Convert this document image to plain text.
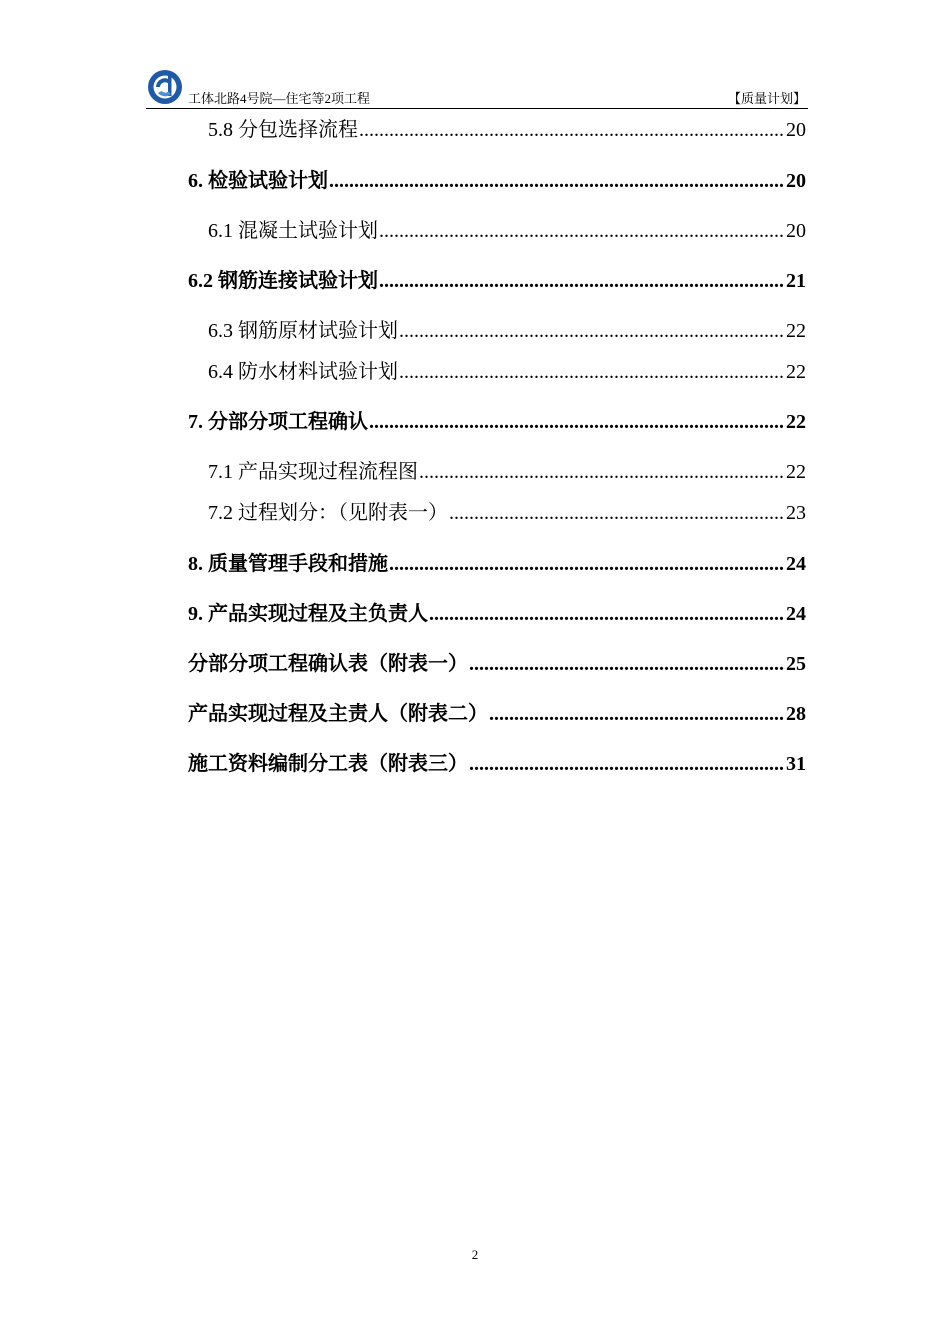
工体北路4号院—住宅等2项工程	【质量计划】
5.8 分包选择流程 .....	20
6. 检验试验计划 .....	20
6.1 混凝土试验计划 .....	20
6.2 钢筋连接试验计划 .....	21
6.3 钢筋原材试验计划 .....	22
6.4 防水材料试验计划 .....	22
7. 分部分项工程确认 .....	22
7.1 产品实现过程流程图 .....	22
7.2 过程划分：（见附表一） .....	23
8. 质量管理手段和措施 .....	24
9. 产品实现过程及主负责人 .....	24
分部分项工程确认表（附表一） .....	25
产品实现过程及主责人（附表二） .....	28
施工资料编制分工表（附表三） .....	31
2
